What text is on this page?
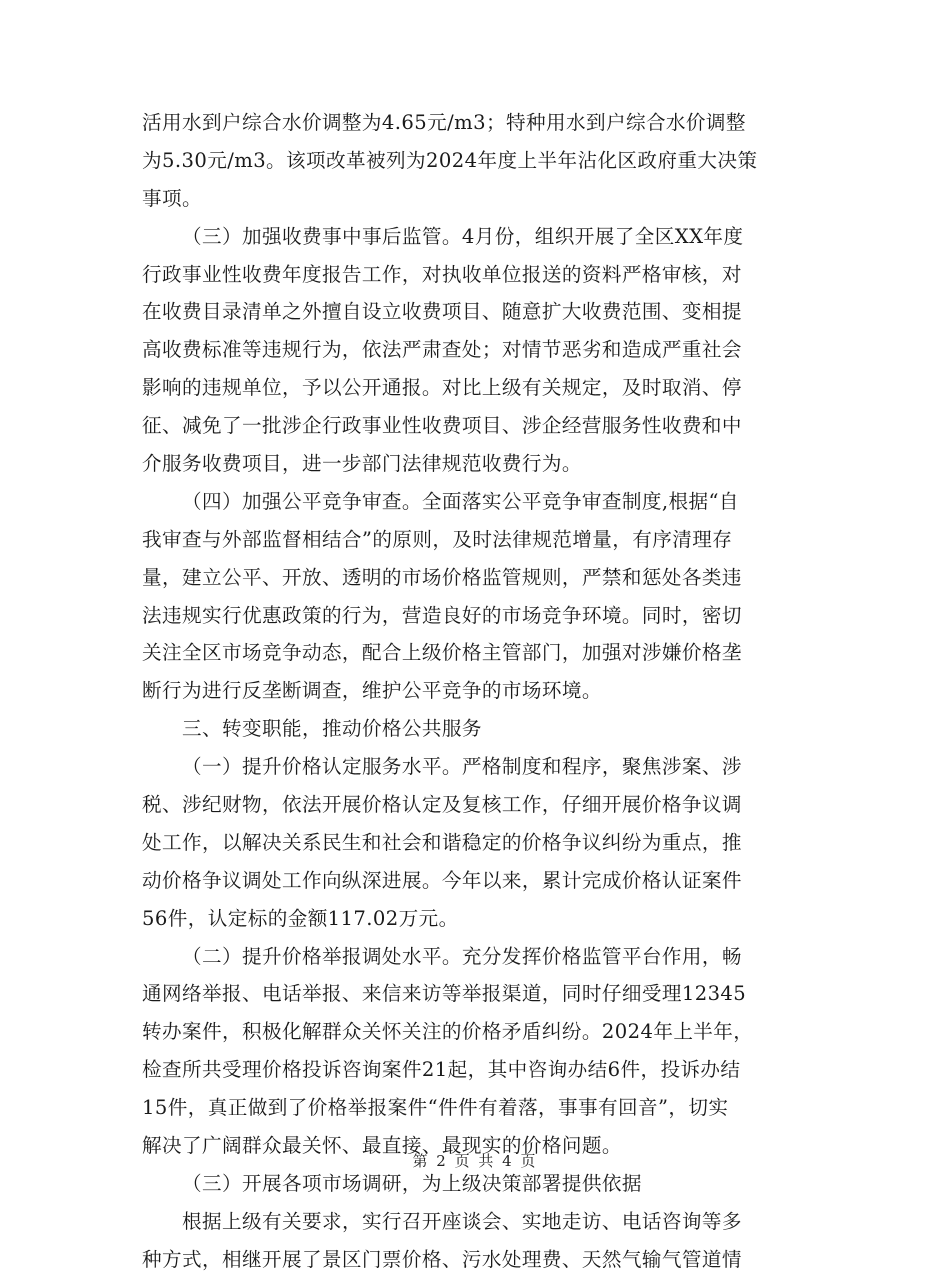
活用水到户综合水价调整为4.65元/m3；特种用水到户综合水价调整
为5.30元/m3。该项改革被列为2024年度上半年沾化区政府重大决策
事项。
（三）加强收费事中事后监管。4月份，组织开展了全区XX年度
行政事业性收费年度报告工作，对执收单位报送的资料严格审核，对
在收费目录清单之外擅自设立收费项目、随意扩大收费范围、变相提
高收费标准等违规行为，依法严肃查处；对情节恶劣和造成严重社会
影响的违规单位，予以公开通报。对比上级有关规定，及时取消、停
征、减免了一批涉企行政事业性收费项目、涉企经营服务性收费和中
介服务收费项目，进一步部门法律规范收费行为。
（四）加强公平竞争审查。全面落实公平竞争审查制度,根据“自
我审查与外部监督相结合”的原则，及时法律规范增量，有序清理存
量，建立公平、开放、透明的市场价格监管规则，严禁和惩处各类违
法违规实行优惠政策的行为，营造良好的市场竞争环境。同时，密切
关注全区市场竞争动态，配合上级价格主管部门，加强对涉嫌价格垄
断行为进行反垄断调查，维护公平竞争的市场环境。
三、转变职能，推动价格公共服务
（一）提升价格认定服务水平。严格制度和程序，聚焦涉案、涉
税、涉纪财物，依法开展价格认定及复核工作，仔细开展价格争议调
处工作，以解决关系民生和社会和谐稳定的价格争议纠纷为重点，推
动价格争议调处工作向纵深进展。今年以来，累计完成价格认证案件
56件，认定标的金额117.02万元。
（二）提升价格举报调处水平。充分发挥价格监管平台作用，畅
通网络举报、电话举报、来信来访等举报渠道，同时仔细受理12345
转办案件，积极化解群众关怀关注的价格矛盾纠纷。2024年上半年，
检查所共受理价格投诉咨询案件21起，其中咨询办结6件，投诉办结
15件，真正做到了价格举报案件“件件有着落，事事有回音”，切实
解决了广阔群众最关怀、最直接、最现实的价格问题。
（三）开展各项市场调研，为上级决策部署提供依据
根据上级有关要求，实行召开座谈会、实地走访、电话咨询等多
种方式，相继开展了景区门票价格、污水处理费、天然气输气管道情
第 2 页 共 4 页
